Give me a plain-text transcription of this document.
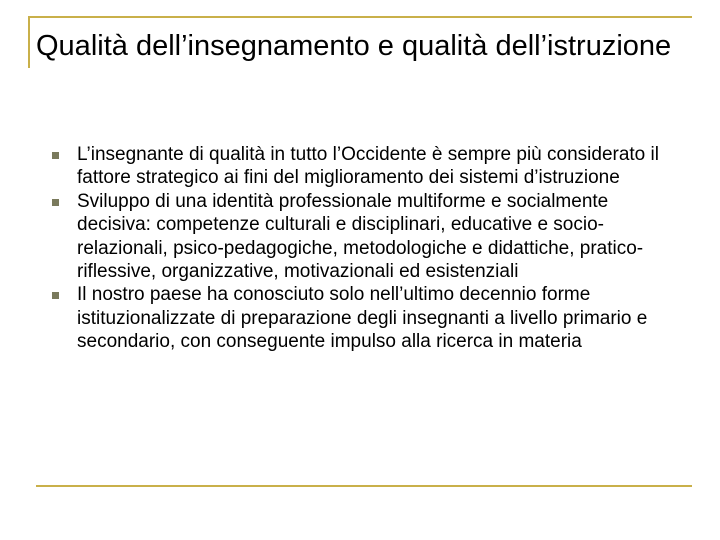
Qualità dell’insegnamento e qualità dell’istruzione
L’insegnante di qualità in tutto l’Occidente è sempre più considerato il fattore strategico ai fini del miglioramento dei sistemi d’istruzione
Sviluppo di una identità professionale multiforme e socialmente decisiva: competenze culturali e disciplinari, educative e socio-relazionali, psico-pedagogiche, metodologiche e didattiche, pratico-riflessive, organizzative, motivazionali ed esistenziali
Il nostro paese ha conosciuto solo nell’ultimo decennio forme istituzionalizzate di preparazione degli insegnanti a livello primario e secondario, con conseguente impulso alla ricerca in materia
